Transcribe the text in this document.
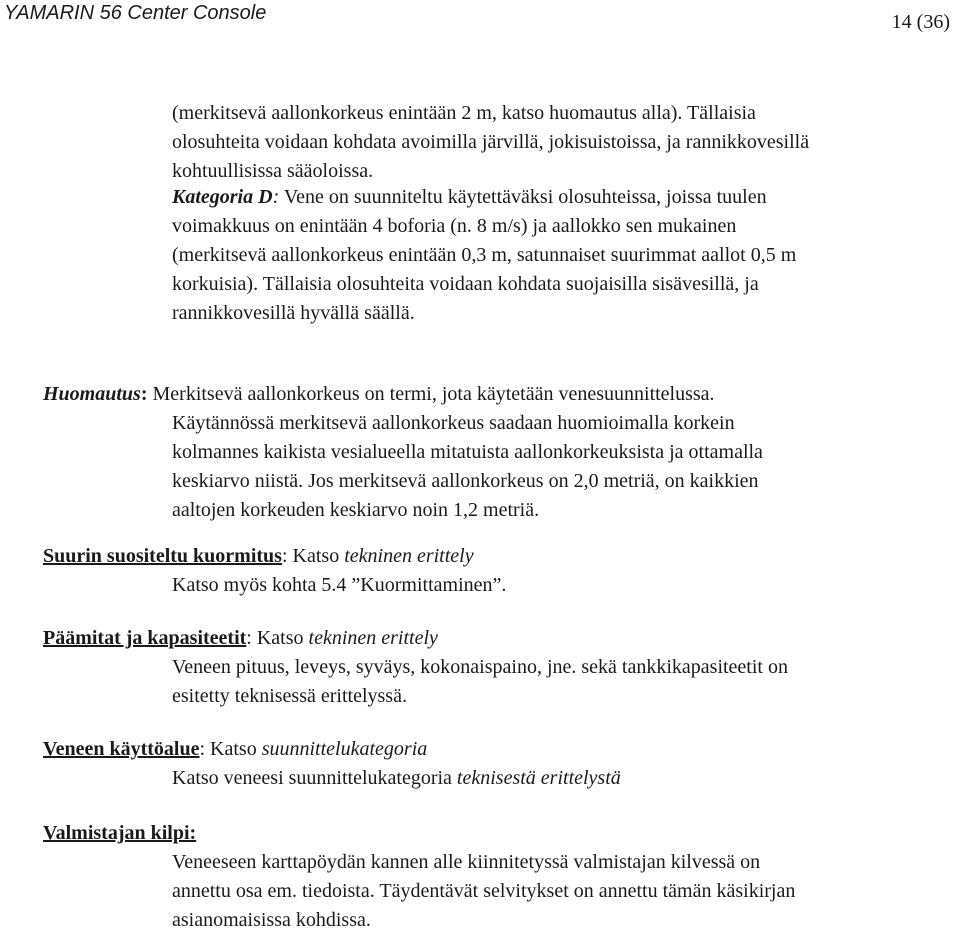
YAMARIN 56 Center Console	14 (36)

(merkitsevä aallonkorkeus enintään 2 m, katso huomautus alla). Tällaisia

olosuhteita voidaan kohdata avoimilla järvillä, jokisuistoissa, ja rannikkovesillä

kohtuullisissa sääoloissa.

Kategoria D: Vene on suunniteltu käytettäväksi olosuhteissa, joissa tuulen

voimakkuus on enintään 4 boforia (n. 8 m/s) ja aallokko sen mukainen

(merkitsevä aallonkorkeus enintään 0,3 m, satunnaiset suurimmat aallot 0,5 m

korkuisia). Tällaisia olosuhteita voidaan kohdata suojaisilla sisävesillä, ja

rannikkovesillä hyvällä säällä.

Huomautus: Merkitsevä aallonkorkeus on termi, jota käytetään venesuunnittelussa.

Käytännössä merkitsevä aallonkorkeus saadaan huomioimalla korkein

kolmannes kaikista vesialueella mitatuista aallonkorkeuksista ja ottamalla

keskiarvo niistä. Jos merkitsevä aallonkorkeus on 2,0 metriä, on kaikkien

aaltojen korkeuden keskiarvo noin 1,2 metriä.

Suurin suositeltu kuormitus: Katso tekninen erittely

Katso myös kohta 5.4 ”Kuormittaminen”.

Päämitat ja kapasiteetit: Katso tekninen erittely

Veneen pituus, leveys, syväys, kokonaispaino, jne. sekä tankkikapasiteetit on

esitetty teknisessä erittelyssä.

Veneen käyttöalue: Katso suunnittelukategoria

Katso veneesi suunnittelukategoria teknisestä erittelystä

Valmistajan kilpi:

Veneeseen karttapöydän kannen alle kiinnitetyssä valmistajan kilvessä on

annettu osa em. tiedoista. Täydentävät selvitykset on annettu tämän käsikirjan

asianomaisissa kohdissa.
